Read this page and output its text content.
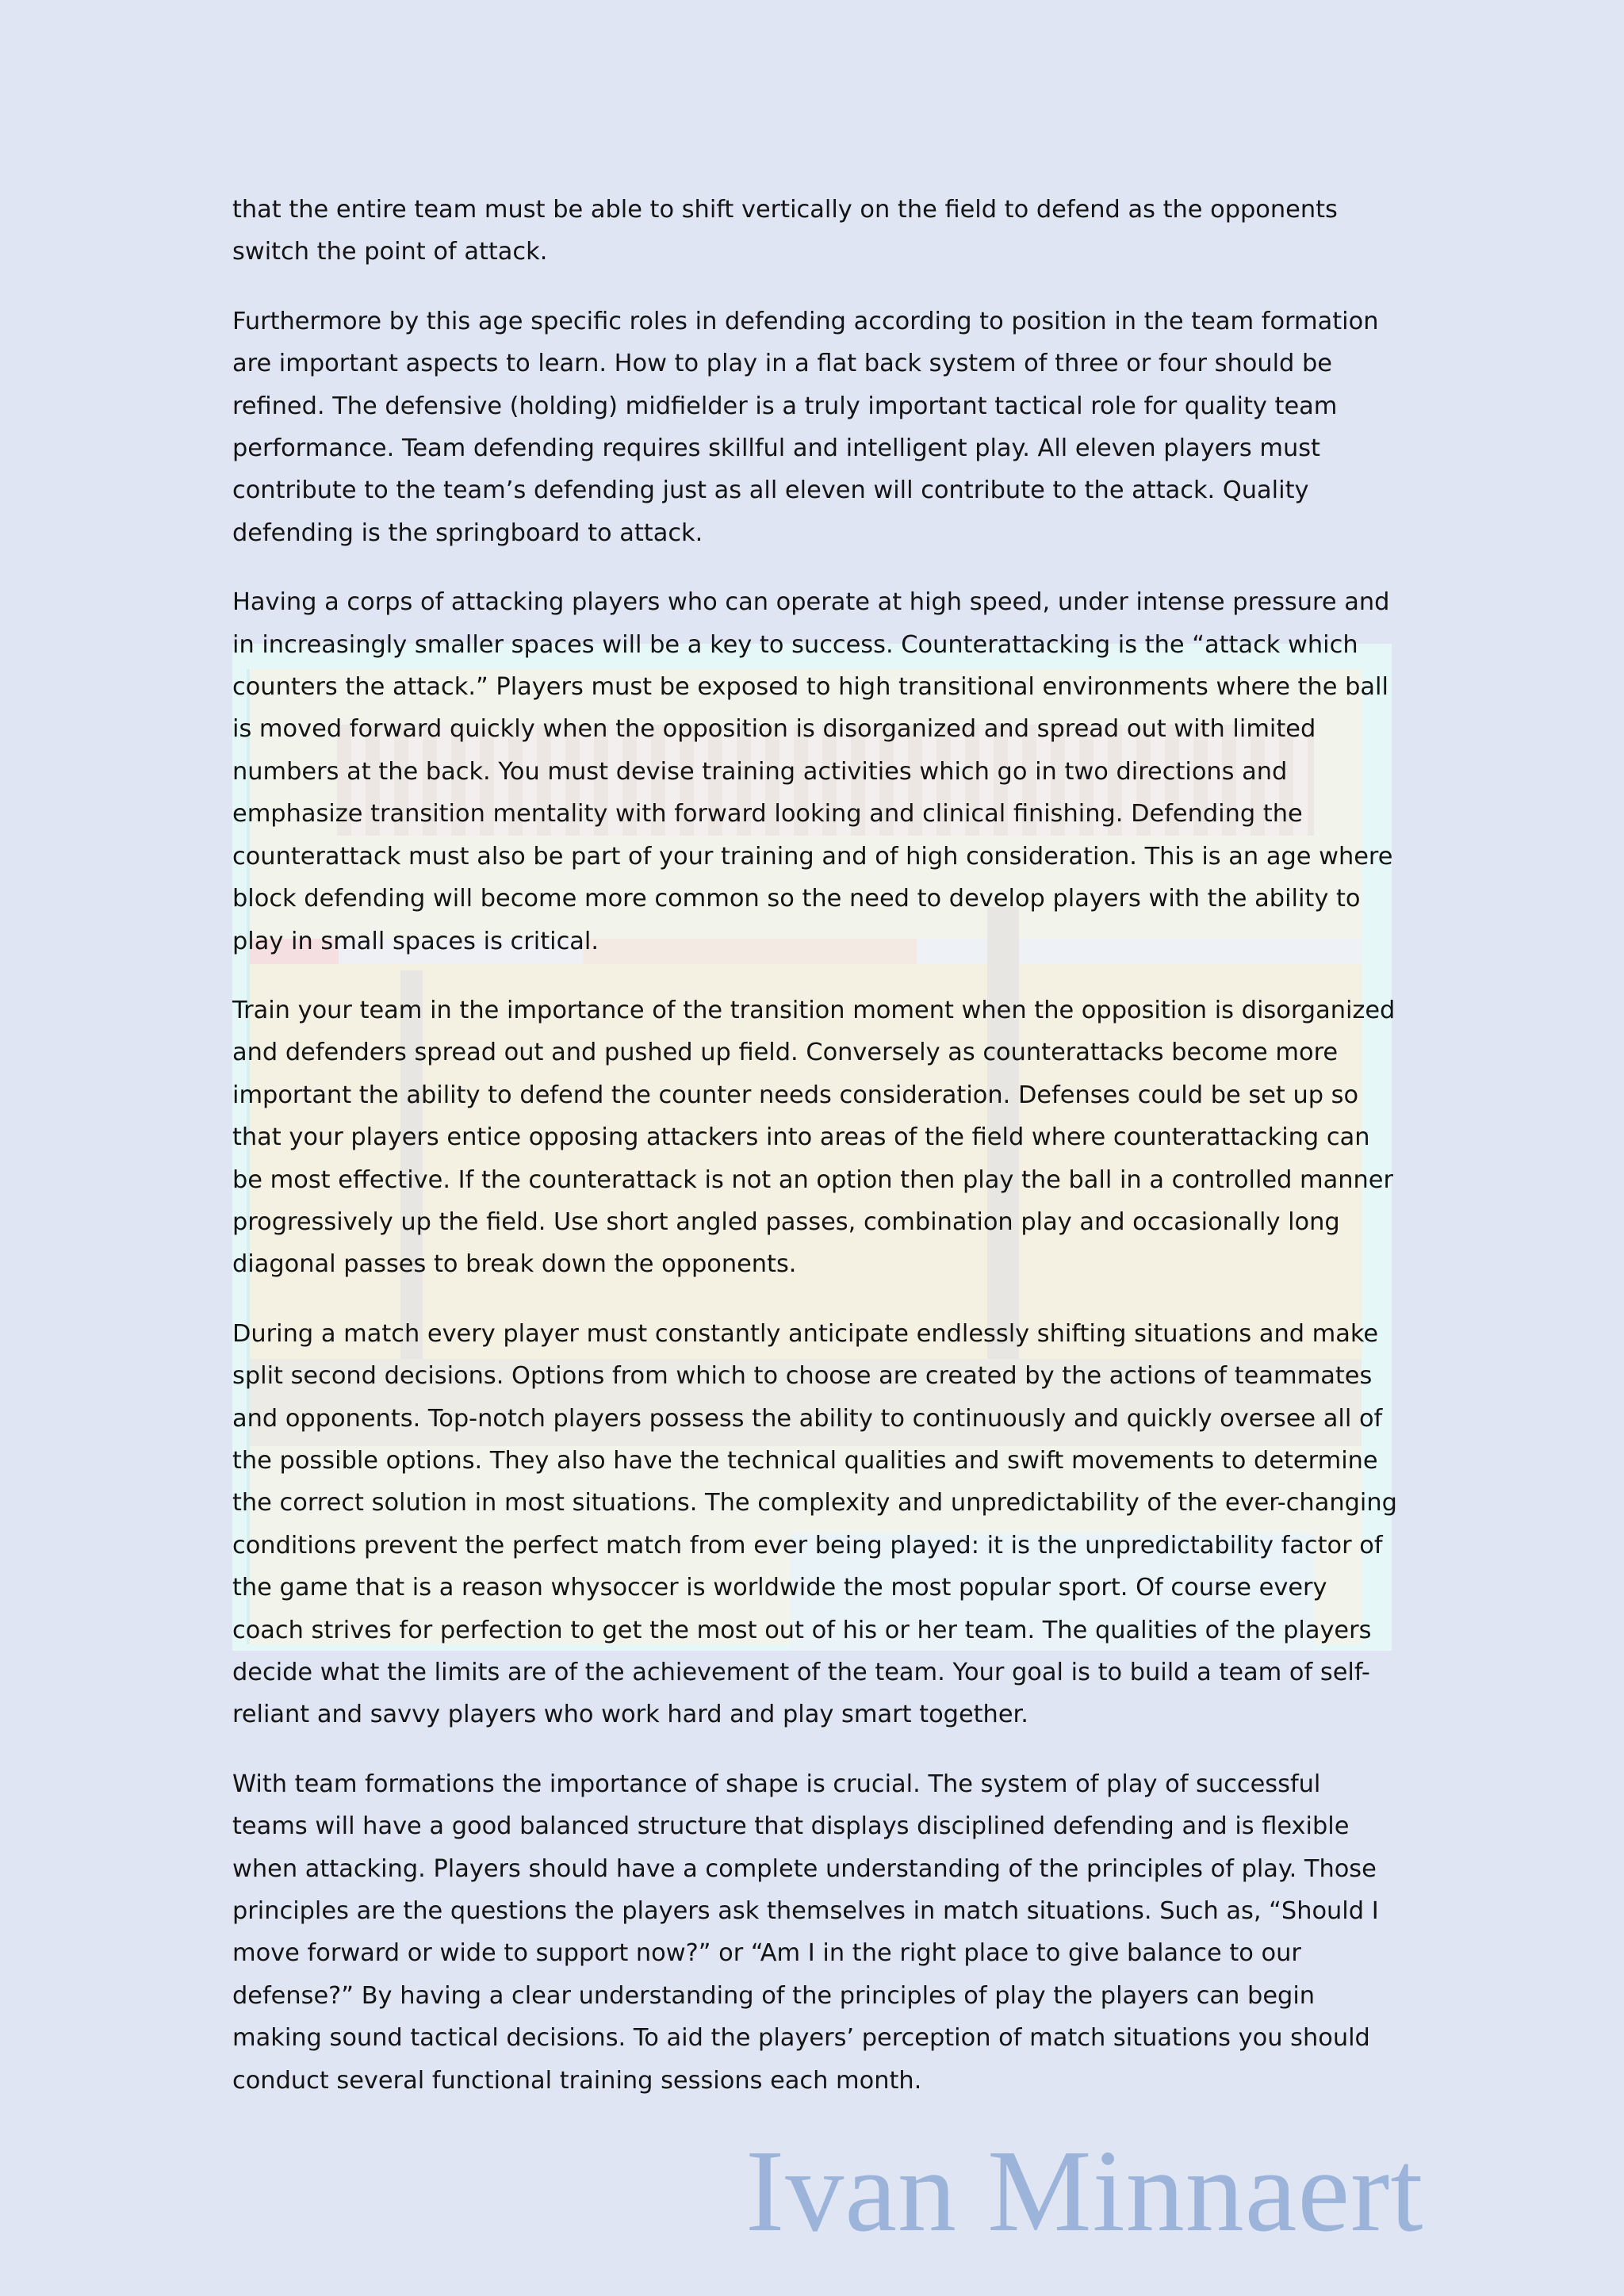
that the entire team must be able to shift vertically on the field to defend as the opponents switch the point of attack.

Furthermore by this age specific roles in defending according to position in the team formation are important aspects to learn. How to play in a flat back system of three or four should be refined. The defensive (holding) midfielder is a truly important tactical role for quality team performance. Team defending requires skillful and intelligent play. All eleven players must contribute to the team’s defending just as all eleven will contribute to the attack. Quality defending is the springboard to attack.

Having a corps of attacking players who can operate at high speed, under intense pressure and in increasingly smaller spaces will be a key to success. Counterattacking is the “attack which counters the attack.” Players must be exposed to high transitional environments where the ball is moved forward quickly when the opposition is disorganized and spread out with limited numbers at the back. You must devise training activities which go in two directions and emphasize transition mentality with forward looking and clinical finishing. Defending the counterattack must also be part of your training and of high consideration. This is an age where block defending will become more common so the need to develop players with the ability to play in small spaces is critical.

Train your team in the importance of the transition moment when the opposition is disorganized and defenders spread out and pushed up field. Conversely as counterattacks become more important the ability to defend the counter needs consideration. Defenses could be set up so that your players entice opposing attackers into areas of the field where counterattacking can be most effective. If the counterattack is not an option then play the ball in a controlled manner progressively up the field. Use short angled passes, combination play and occasionally long diagonal passes to break down the opponents.

During a match every player must constantly anticipate endlessly shifting situations and make split second decisions. Options from which to choose are created by the actions of teammates and opponents. Top-notch players possess the ability to continuously and quickly oversee all of the possible options. They also have the technical qualities and swift movements to determine the correct solution in most situations. The complexity and unpredictability of the ever-changing conditions prevent the perfect match from ever being played: it is the unpredictability factor of the game that is a reason whysoccer is worldwide the most popular sport. Of course every coach strives for perfection to get the most out of his or her team. The qualities of the players decide what the limits are of the achievement of the team. Your goal is to build a team of self-reliant and savvy players who work hard and play smart together.

With team formations the importance of shape is crucial. The system of play of successful teams will have a good balanced structure that displays disciplined defending and is flexible when attacking. Players should have a complete understanding of the principles of play. Those principles are the questions the players ask themselves in match situations. Such as, “Should I move forward or wide to support now?” or “Am I in the right place to give balance to our defense?” By having a clear understanding of the principles of play the players can begin making sound tactical decisions. To aid the players’ perception of match situations you should conduct several functional training sessions each month.

Ivan Minnaert
